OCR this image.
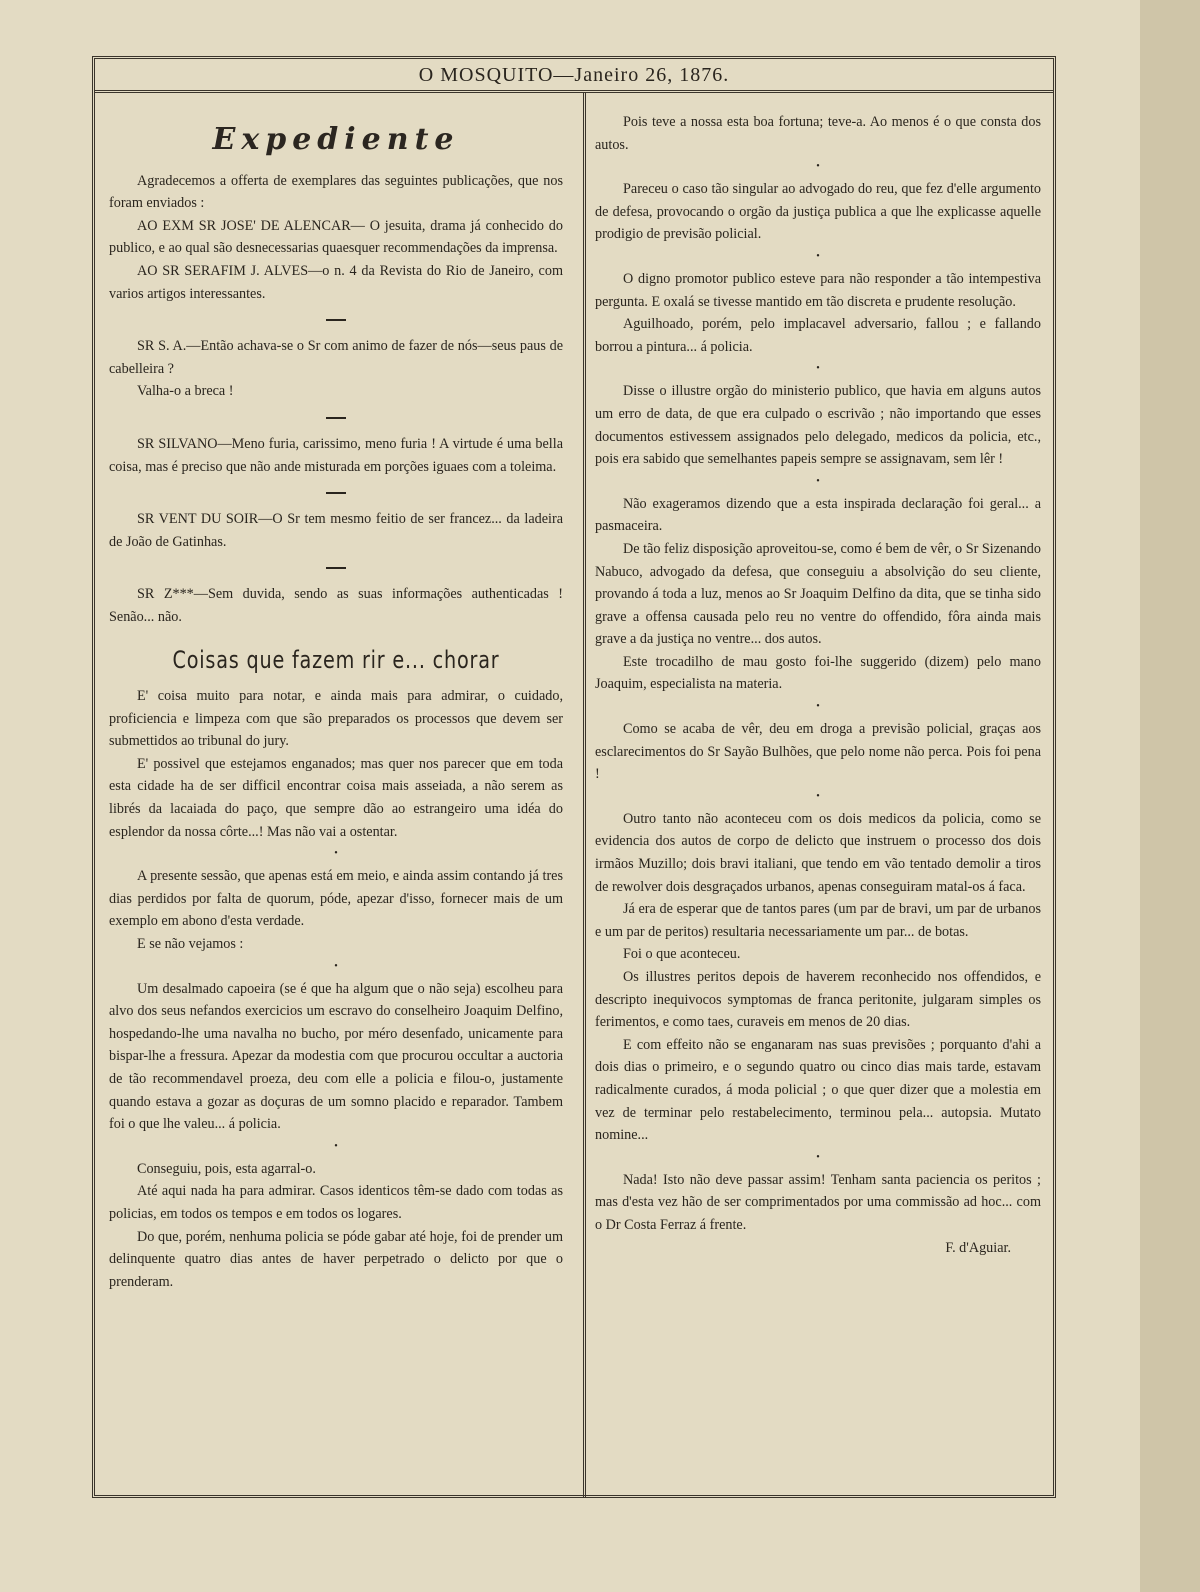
O MOSQUITO—Janeiro 26, 1876.
Expediente

Agradecemos a offerta de exemplares das seguintes publicações, que nos foram enviados :

AO EXM SR JOSE' DE ALENCAR— O jesuita, drama já conhecido do publico, e ao qual são desnecessarias quaesquer recommendações da imprensa.

AO SR SERAFIM J. ALVES—o n. 4 da Revista do Rio de Janeiro, com varios artigos interessantes.

SR S. A.—Então achava-se o Sr com animo de fazer de nós—seus paus de cabelleira ?

Valha-o a breca !

SR SILVANO—Meno furia, carissimo, meno furia ! A virtude é uma bella coisa, mas é preciso que não ande misturada em porções iguaes com a toleima.

SR VENT DU SOIR—O Sr tem mesmo feitio de ser francez... da ladeira de João de Gatinhas.

SR Z***—Sem duvida, sendo as suas informações authenticadas ! Senão... não.

Coisas que fazem rir e... chorar

E' coisa muito para notar, e ainda mais para admirar, o cuidado, proficiencia e limpeza com que são preparados os processos que devem ser submettidos ao tribunal do jury.

E' possivel que estejamos enganados; mas quer nos parecer que em toda esta cidade ha de ser difficil encontrar coisa mais asseiada, a não serem as librés da lacaiada do paço, que sempre dão ao estrangeiro uma idéa do esplendor da nossa côrte...! Mas não vai a ostentar.

•

A presente sessão, que apenas está em meio, e ainda assim contando já tres dias perdidos por falta de quorum, póde, apezar d'isso, fornecer mais de um exemplo em abono d'esta verdade.

E se não vejamos :

•

Um desalmado capoeira (se é que ha algum que o não seja) escolheu para alvo dos seus nefandos exercicios um escravo do conselheiro Joaquim Delfino, hospedando-lhe uma navalha no bucho, por méro desenfado, unicamente para bispar-lhe a fressura. Apezar da modestia com que procurou occultar a auctoria de tão recommendavel proeza, deu com elle a policia e filou-o, justamente quando estava a gozar as doçuras de um somno placido e reparador. Tambem foi o que lhe valeu... á policia.

•

Conseguiu, pois, esta agarral-o.

Até aqui nada ha para admirar. Casos identicos têm-se dado com todas as policias, em todos os tempos e em todos os logares.

Do que, porém, nenhuma policia se póde gabar até hoje, foi de prender um delinquente quatro dias antes de haver perpetrado o delicto por que o prenderam.

Pois teve a nossa esta boa fortuna; teve-a. Ao menos é o que consta dos autos.

•

Pareceu o caso tão singular ao advogado do reu, que fez d'elle argumento de defesa, provocando o orgão da justiça publica a que lhe explicasse aquelle prodigio de previsão policial.

•

O digno promotor publico esteve para não responder a tão intempestiva pergunta. E oxalá se tivesse mantido em tão discreta e prudente resolução.

Aguilhoado, porém, pelo implacavel adversario, fallou ; e fallando borrou a pintura... á policia.

•

Disse o illustre orgão do ministerio publico, que havia em alguns autos um erro de data, de que era culpado o escrivão ; não importando que esses documentos estivessem assignados pelo delegado, medicos da policia, etc., pois era sabido que semelhantes papeis sempre se assignavam, sem lêr !

•

Não exageramos dizendo que a esta inspirada declaração foi geral... a pasmaceira.

De tão feliz disposição aproveitou-se, como é bem de vêr, o Sr Sizenando Nabuco, advogado da defesa, que conseguiu a absolvição do seu cliente, provando á toda a luz, menos ao Sr Joaquim Delfino da dita, que se tinha sido grave a offensa causada pelo reu no ventre do offendido, fôra ainda mais grave a da justiça no ventre... dos autos.

Este trocadilho de mau gosto foi-lhe suggerido (dizem) pelo mano Joaquim, especialista na materia.

•

Como se acaba de vêr, deu em droga a previsão policial, graças aos esclarecimentos do Sr Sayão Bulhões, que pelo nome não perca. Pois foi pena !

•

Outro tanto não aconteceu com os dois medicos da policia, como se evidencia dos autos de corpo de delicto que instruem o processo dos dois irmãos Muzillo; dois bravi italiani, que tendo em vão tentado demolir a tiros de rewolver dois desgraçados urbanos, apenas conseguiram matal-os á faca.

Já era de esperar que de tantos pares (um par de bravi, um par de urbanos e um par de peritos) resultaria necessariamente um par... de botas.

Foi o que aconteceu.

Os illustres peritos depois de haverem reconhecido nos offendidos, e descripto inequivocos symptomas de franca peritonite, julgaram simples os ferimentos, e como taes, curaveis em menos de 20 dias.

E com effeito não se enganaram nas suas previsões ; porquanto d'ahi a dois dias o primeiro, e o segundo quatro ou cinco dias mais tarde, estavam radicalmente curados, á moda policial ; o que quer dizer que a molestia em vez de terminar pelo restabelecimento, terminou pela... autopsia. Mutato nomine...

•

Nada! Isto não deve passar assim! Tenham santa paciencia os peritos ; mas d'esta vez hão de ser comprimentados por uma commissão ad hoc... com o Dr Costa Ferraz á frente.

F. d'Aguiar.
